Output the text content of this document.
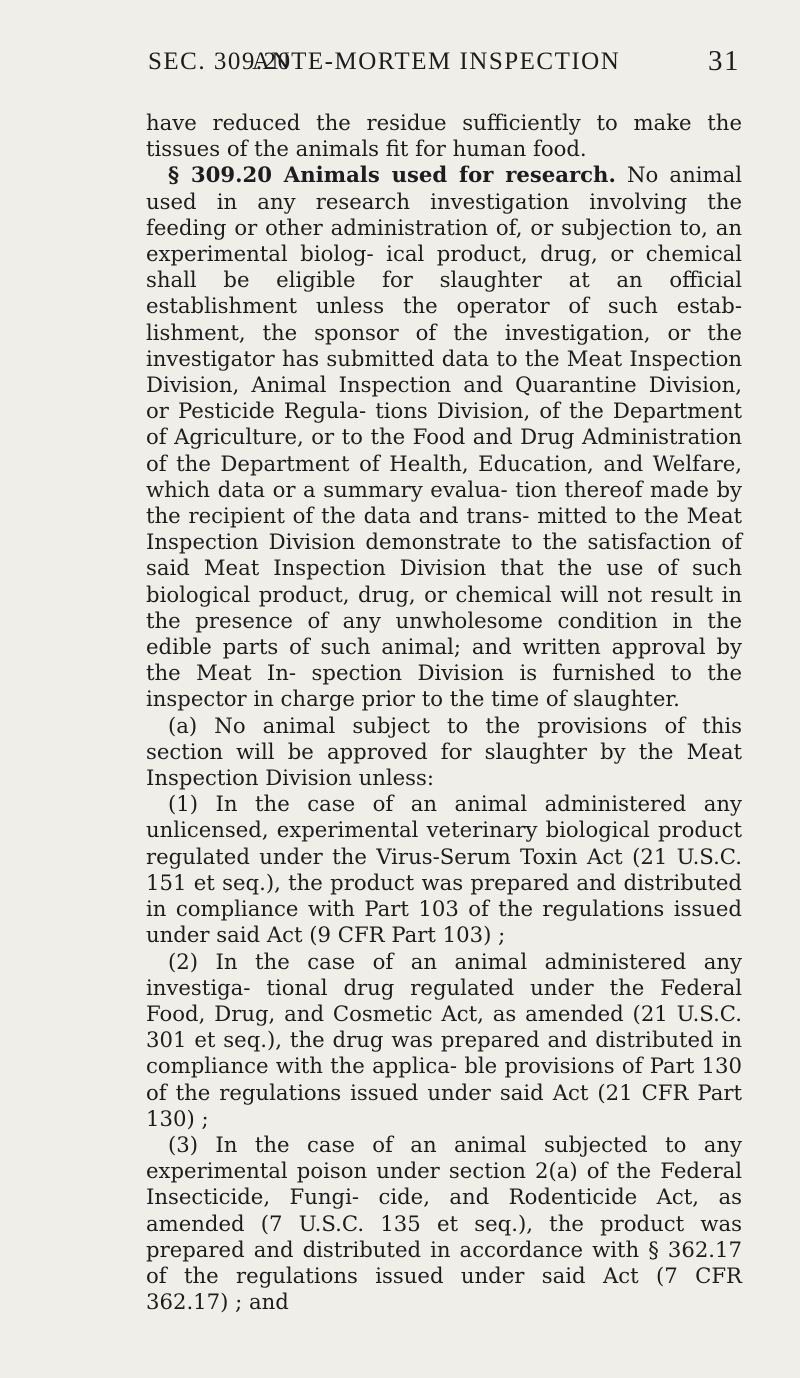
SEC. 309.20
ANTE-MORTEM INSPECTION	31

have reduced the residue sufficiently to make the tissues of the animals fit for human food.

§ 309.20 Animals used for research. No animal used in any research investigation involving the feeding or other administration of, or subjection to, an experimental biolog- ical product, drug, or chemical shall be eligible for slaughter at an official establishment unless the operator of such estab- lishment, the sponsor of the investigation, or the investigator has submitted data to the Meat Inspection Division, Animal Inspection and Quarantine Division, or Pesticide Regula- tions Division, of the Department of Agriculture, or to the Food and Drug Administration of the Department of Health, Education, and Welfare, which data or a summary evalua- tion thereof made by the recipient of the data and trans- mitted to the Meat Inspection Division demonstrate to the satisfaction of said Meat Inspection Division that the use of such biological product, drug, or chemical will not result in the presence of any unwholesome condition in the edible parts of such animal; and written approval by the Meat In- spection Division is furnished to the inspector in charge prior to the time of slaughter.

(a) No animal subject to the provisions of this section will be approved for slaughter by the Meat Inspection Division unless:

(1) In the case of an animal administered any unlicensed, experimental veterinary biological product regulated under the Virus-Serum Toxin Act (21 U.S.C. 151 et seq.), the product was prepared and distributed in compliance with Part 103 of the regulations issued under said Act (9 CFR Part 103) ;

(2) In the case of an animal administered any investiga- tional drug regulated under the Federal Food, Drug, and Cosmetic Act, as amended (21 U.S.C. 301 et seq.), the drug was prepared and distributed in compliance with the applica- ble provisions of Part 130 of the regulations issued under said Act (21 CFR Part 130) ;

(3) In the case of an animal subjected to any experimental poison under section 2(a) of the Federal Insecticide, Fungi- cide, and Rodenticide Act, as amended (7 U.S.C. 135 et seq.), the product was prepared and distributed in accordance with § 362.17 of the regulations issued under said Act (7 CFR 362.17) ; and
